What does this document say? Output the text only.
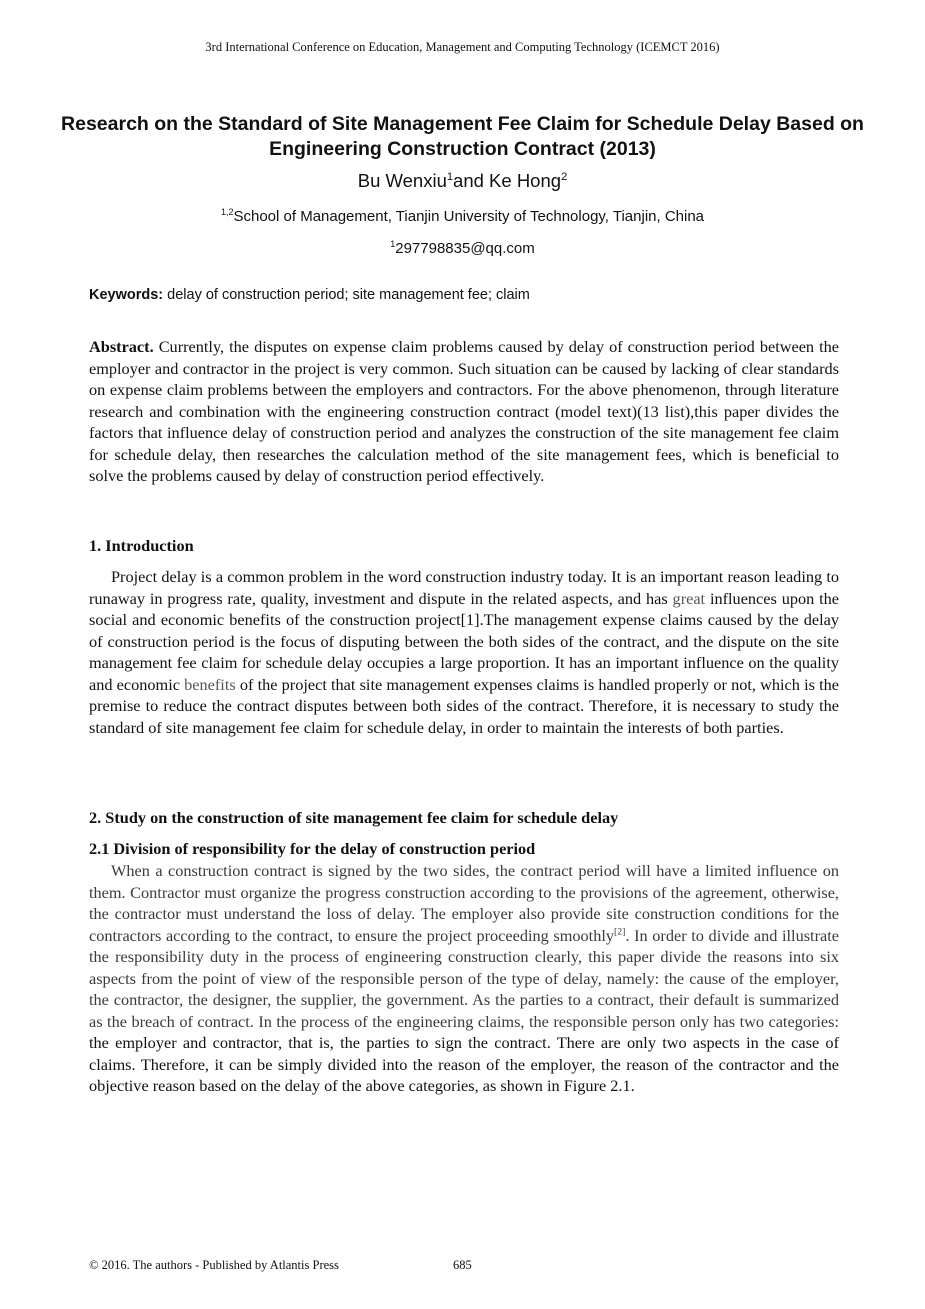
3rd International Conference on Education, Management and Computing Technology (ICEMCT 2016)
Research on the Standard of Site Management Fee Claim for Schedule Delay Based on Engineering Construction Contract (2013)
Bu Wenxiu$^1$and Ke Hong$^2$
$^{1,2}$School of Management, Tianjin University of Technology, Tianjin, China
$^1$297798835@qq.com
Keywords: delay of construction period; site management fee; claim
Abstract. Currently, the disputes on expense claim problems caused by delay of construction period between the employer and contractor in the project is very common. Such situation can be caused by lacking of clear standards on expense claim problems between the employers and contractors. For the above phenomenon, through literature research and combination with the engineering construction contract (model text)(13 list),this paper divides the factors that influence delay of construction period and analyzes the construction of the site management fee claim for schedule delay, then researches the calculation method of the site management fees, which is beneficial to solve the problems caused by delay of construction period effectively.
1. Introduction
Project delay is a common problem in the word construction industry today. It is an important reason leading to runaway in progress rate, quality, investment and dispute in the related aspects, and has great influences upon the social and economic benefits of the construction project[1].The management expense claims caused by the delay of construction period is the focus of disputing between the both sides of the contract, and the dispute on the site management fee claim for schedule delay occupies a large proportion. It has an important influence on the quality and economic benefits of the project that site management expenses claims is handled properly or not, which is the premise to reduce the contract disputes between both sides of the contract. Therefore, it is necessary to study the standard of site management fee claim for schedule delay, in order to maintain the interests of both parties.
2. Study on the construction of site management fee claim for schedule delay
2.1 Division of responsibility for the delay of construction period
When a construction contract is signed by the two sides, the contract period will have a limited influence on them. Contractor must organize the progress construction according to the provisions of the agreement, otherwise, the contractor must understand the loss of delay. The employer also provide site construction conditions for the contractors according to the contract, to ensure the project proceeding smoothly[2]. In order to divide and illustrate the responsibility duty in the process of engineering construction clearly, this paper divide the reasons into six aspects from the point of view of the responsible person of the type of delay, namely: the cause of the employer, the contractor, the designer, the supplier, the government. As the parties to a contract, their default is summarized as the breach of contract. In the process of the engineering claims, the responsible person only has two categories: the employer and contractor, that is, the parties to sign the contract. There are only two aspects in the case of claims. Therefore, it can be simply divided into the reason of the employer, the reason of the contractor and the objective reason based on the delay of the above categories, as shown in Figure 2.1.
© 2016. The authors - Published by Atlantis Press	685
